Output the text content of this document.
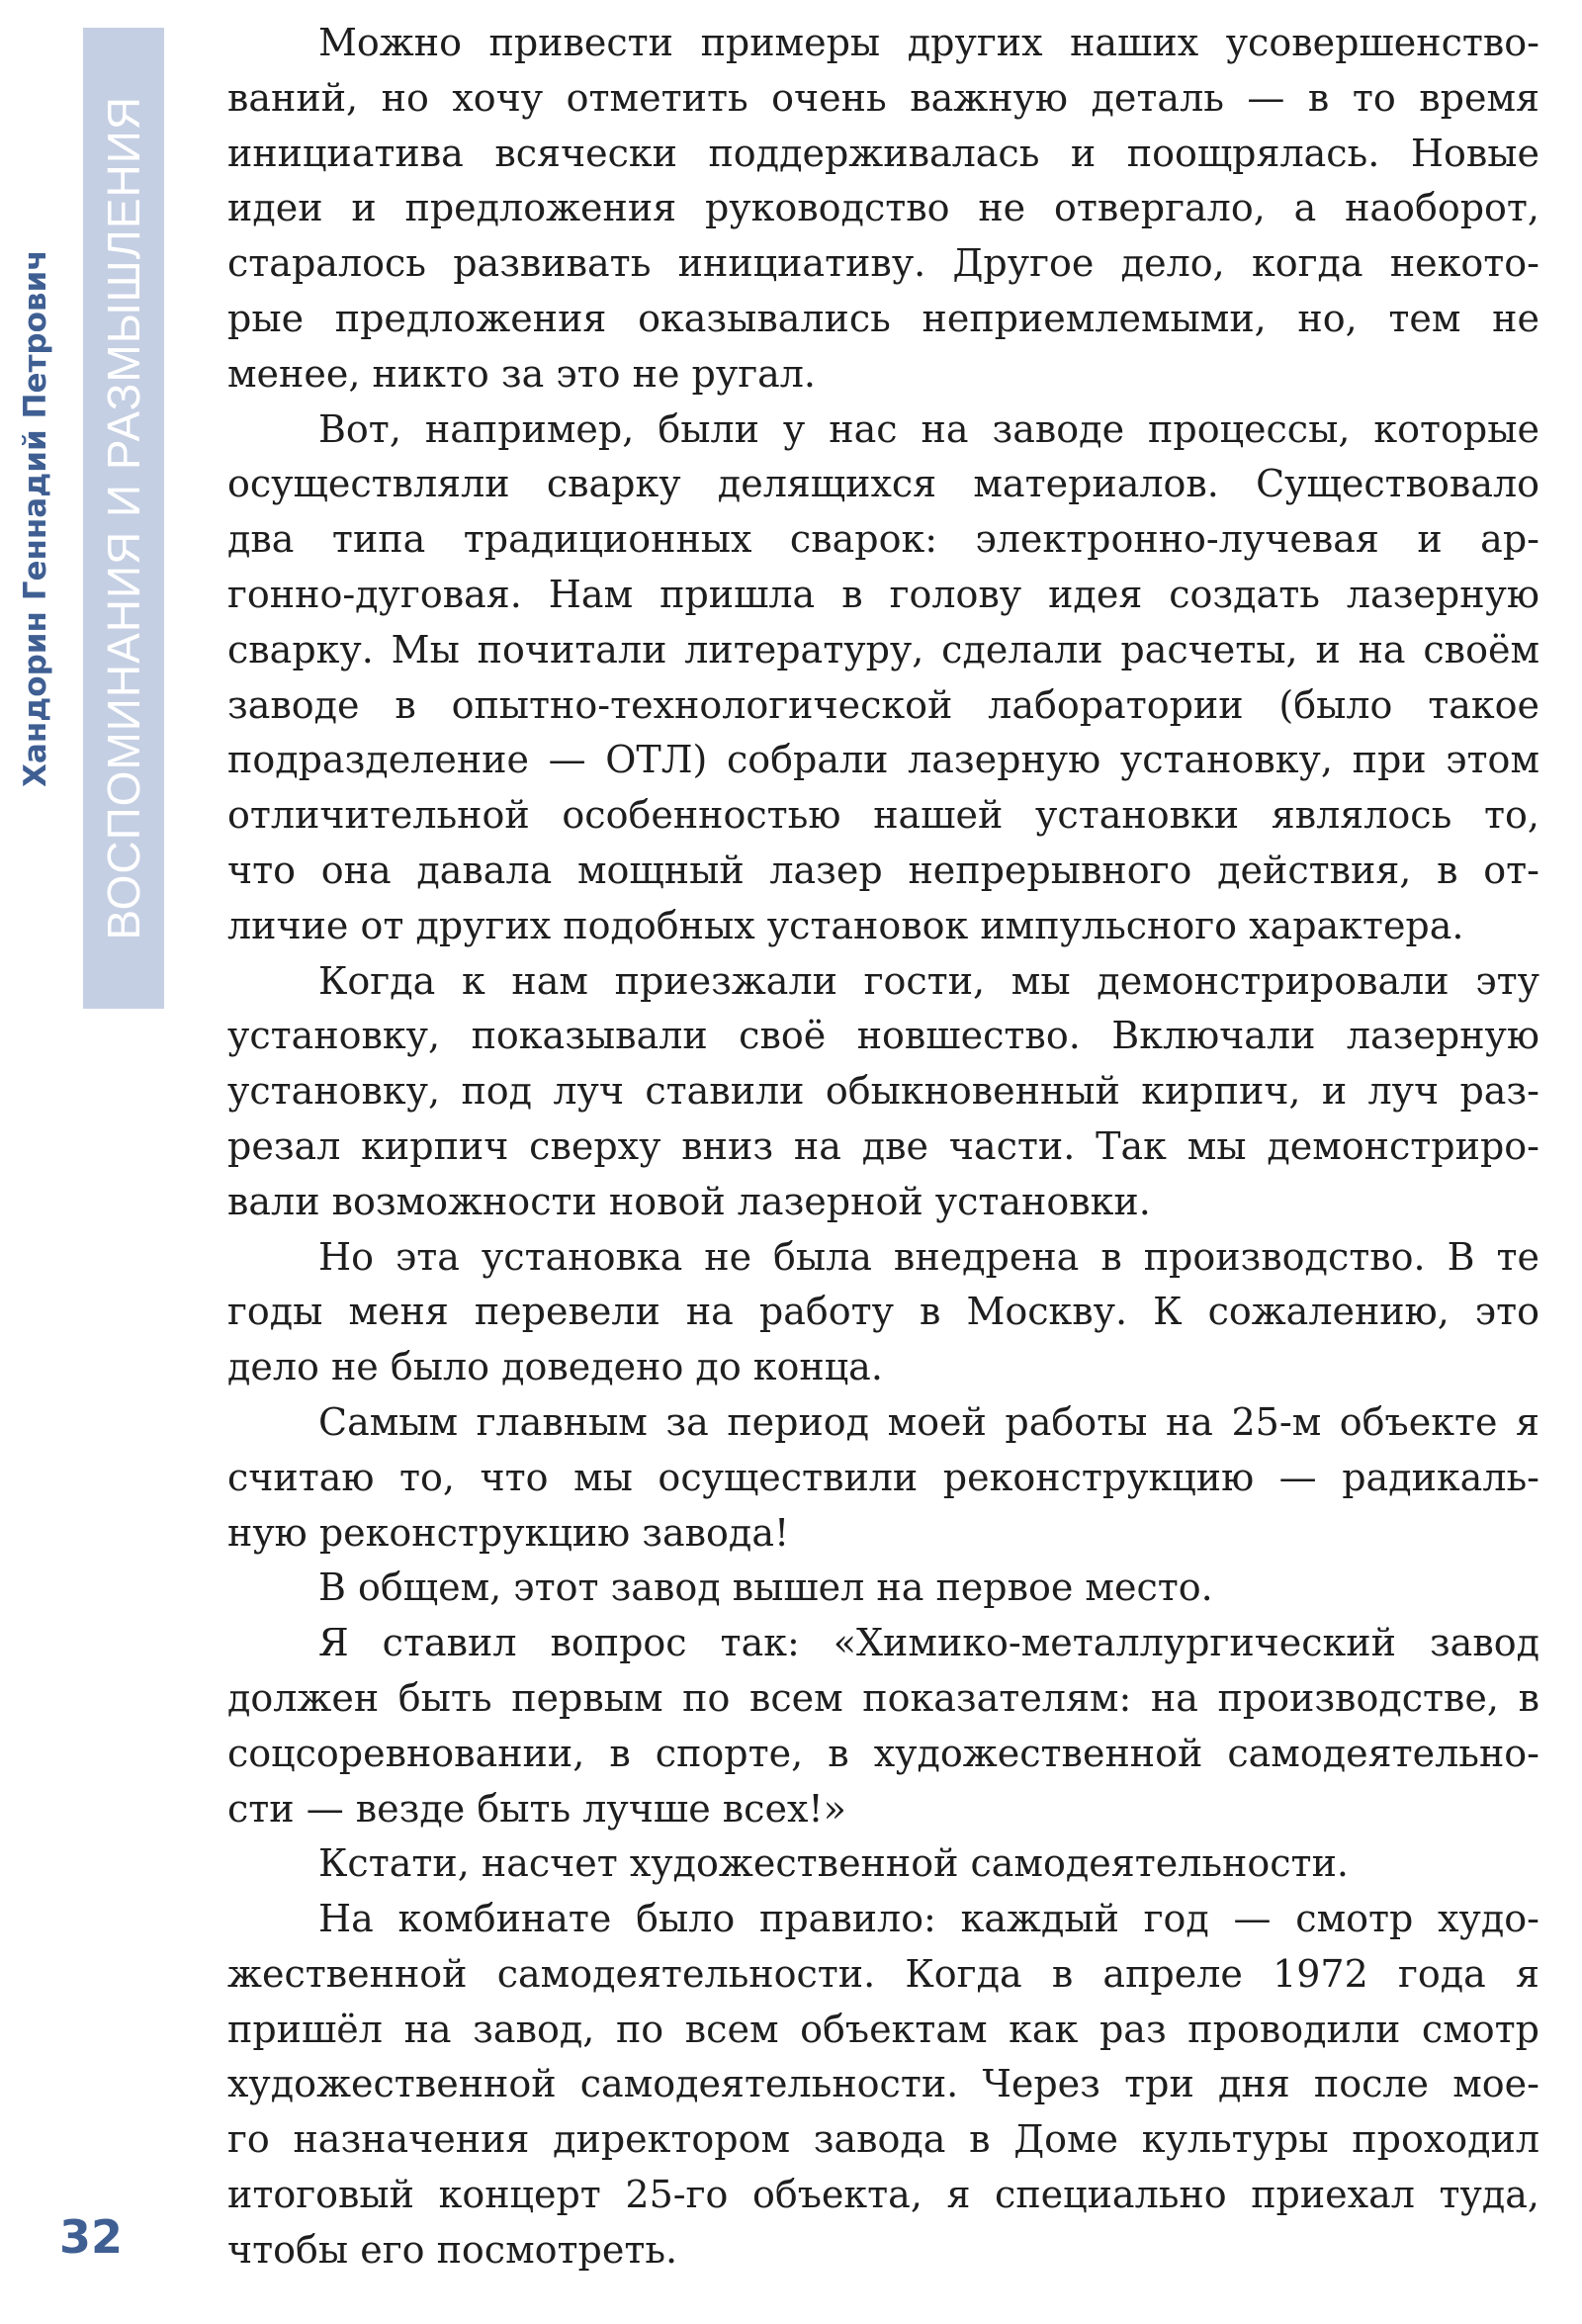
Хандорин Геннадий Петрович ВОСПОМИНАНИЯ И РАЗМЫШЛЕНИЯ
32
Можно привести примеры других наших усовершенство-
ваний, но хочу отметить очень важную деталь — в то время
инициатива всячески поддерживалась и поощрялась. Новые
идеи и предложения руководство не отвергало, а наоборот,
старалось развивать инициативу. Другое дело, когда некото-
рые предложения оказывались неприемлемыми, но, тем не
менее, никто за это не ругал.
Вот, например, были у нас на заводе процессы, которые
осуществляли сварку делящихся материалов. Существовало
два типа традиционных сварок: электронно-лучевая и ар-
гонно-дуговая. Нам пришла в голову идея создать лазерную
сварку. Мы почитали литературу, сделали расчеты, и на своём
заводе в опытно-технологической лаборатории (было такое
подразделение — ОТЛ) собрали лазерную установку, при этом
отличительной особенностью нашей установки являлось то,
что она давала мощный лазер непрерывного действия, в от-
личие от других подобных установок импульсного характера.
Когда к нам приезжали гости, мы демонстрировали эту
установку, показывали своё новшество. Включали лазерную
установку, под луч ставили обыкновенный кирпич, и луч раз-
резал кирпич сверху вниз на две части. Так мы демонстриро-
вали возможности новой лазерной установки.
Но эта установка не была внедрена в производство. В те
годы меня перевели на работу в Москву. К сожалению, это
дело не было доведено до конца.
Самым главным за период моей работы на 25-м объекте я
считаю то, что мы осуществили реконструкцию — радикаль-
ную реконструкцию завода!
В общем, этот завод вышел на первое место.
Я ставил вопрос так: «Химико-металлургический завод
должен быть первым по всем показателям: на производстве, в
соцсоревновании, в спорте, в художественной самодеятельно-
сти — везде быть лучше всех!»
Кстати, насчет художественной самодеятельности.
На комбинате было правило: каждый год — смотр худо-
жественной самодеятельности. Когда в апреле 1972 года я
пришёл на завод, по всем объектам как раз проводили смотр
художественной самодеятельности. Через три дня после мое-
го назначения директором завода в Доме культуры проходил
итоговый концерт 25-го объекта, я специально приехал туда,
чтобы его посмотреть.
